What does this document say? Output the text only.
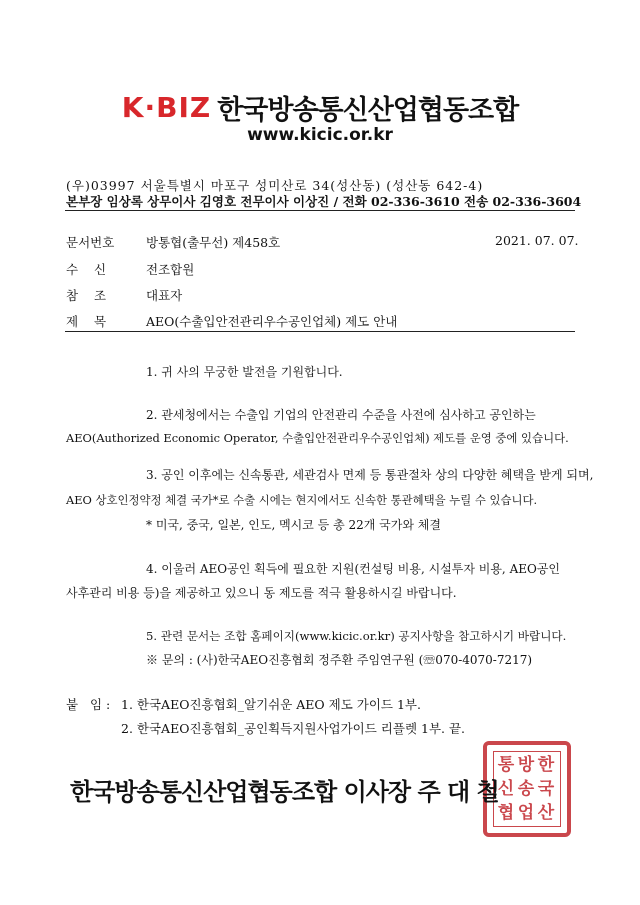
K·BIZ 한국방송통신산업협동조합
www.kicic.or.kr
(우)03997 서울특별시 마포구 성미산로 34(성산동) (성산동 642-4)
본부장 임상록 상무이사 김영호 전무이사 이상진 / 전화 02-336-3610 전송 02-336-3604
문서번호	방통협(출무선) 제458호	2021. 07. 07.
수    신	전조합원
참    조	대표자
제    목	AEO(수출입안전관리우수공인업체) 제도 안내
1. 귀 사의 무궁한 발전을 기원합니다.
2. 관세청에서는 수출입 기업의 안전관리 수준을 사전에 심사하고 공인하는
AEO(Authorized Economic Operator, 수출입안전관리우수공인업체) 제도를 운영 중에 있습니다.
3. 공인 이후에는 신속통관, 세관검사 면제 등 통관절차 상의 다양한 혜택을 받게 되며,
AEO 상호인정약정 체결 국가*로 수출 시에는 현지에서도 신속한 통관혜택을 누릴 수 있습니다.
* 미국, 중국, 일본, 인도, 멕시코 등 총 22개 국가와 체결
4. 이울러 AEO공인 획득에 필요한 지원(컨설팅 비용, 시설투자 비용, AEO공인
사후관리 비용 등)을 제공하고 있으니 동 제도를 적극 활용하시길 바랍니다.
5. 관련 문서는 조합 홈페이지(www.kicic.or.kr) 공지사항을 참고하시기 바랍니다.
※ 문의 : (사)한국AEO진흥협회 정주환 주임연구원 (☏070-4070-7217)
붙   임 : 1. 한국AEO진흥협회_알기쉬운 AEO 제도 가이드 1부.
2. 한국AEO진흥협회_공인획득지원사업가이드 리플렛 1부. 끝.
통 방 한
신 송 국
협 업 산
한국방송통신산업협동조합 이사장 주 대 철
